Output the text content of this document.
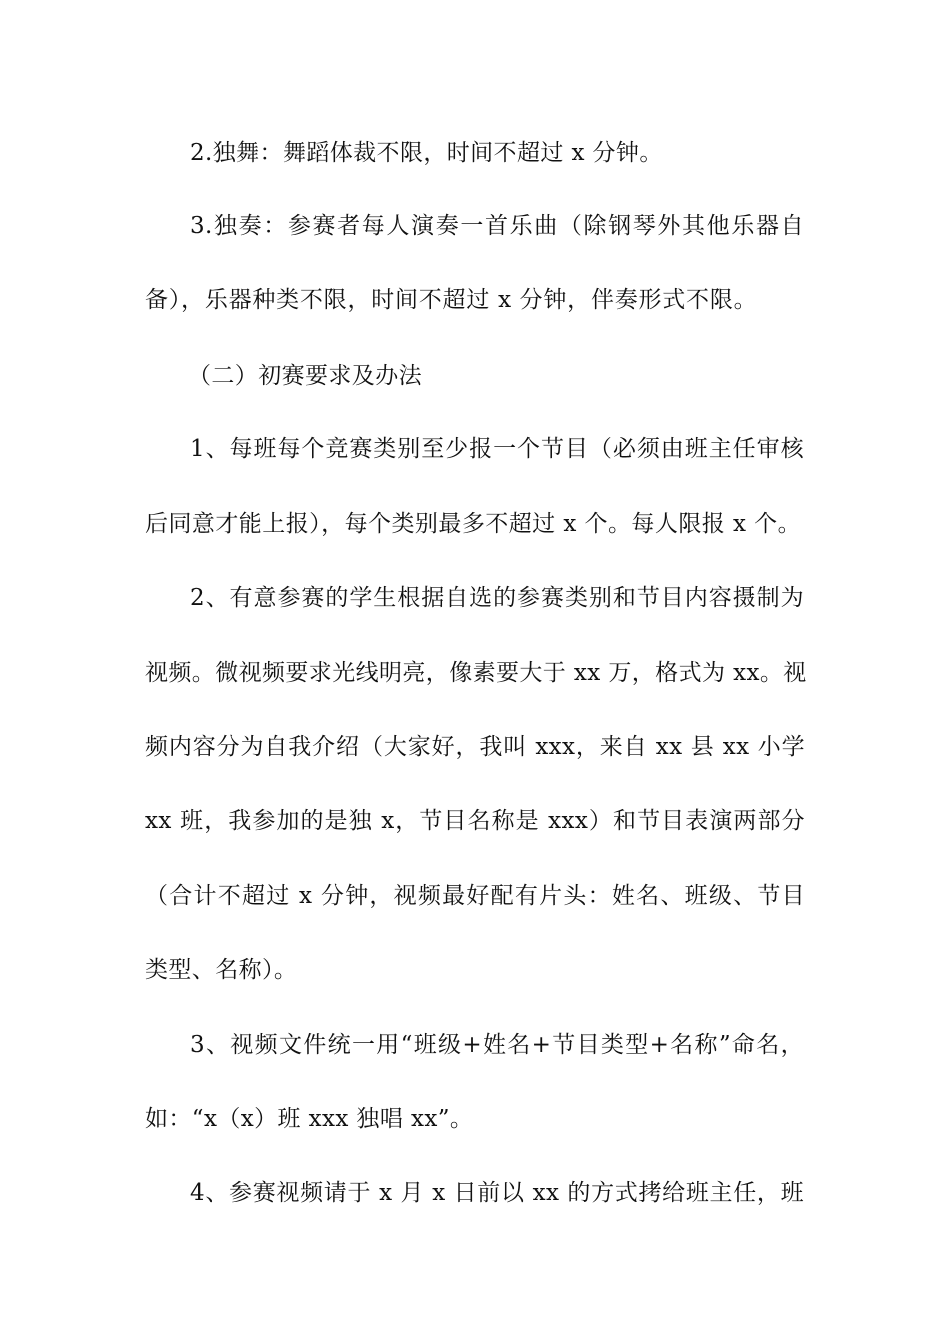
2.独舞：舞蹈体裁不限，时间不超过 x 分钟。
3.独奏：参赛者每人演奏一首乐曲（除钢琴外其他乐器自
备），乐器种类不限，时间不超过 x 分钟，伴奏形式不限。
（二）初赛要求及办法
1、每班每个竞赛类别至少报一个节目（必须由班主任审核
后同意才能上报），每个类别最多不超过 x 个。每人限报 x 个。
2、有意参赛的学生根据自选的参赛类别和节目内容摄制为
视频。微视频要求光线明亮，像素要大于 xx 万，格式为 xx。视
频内容分为自我介绍（大家好，我叫 xxx，来自 xx 县 xx 小学
xx 班，我参加的是独 x，节目名称是 xxx）和节目表演两部分
（合计不超过 x 分钟，视频最好配有片头：姓名、班级、节目
类型、名称）。
3、视频文件统一用“班级+姓名+节目类型+名称”命名，
如：“x（x）班 xxx 独唱 xx”。
4、参赛视频请于 x 月 x 日前以 xx 的方式拷给班主任，班
